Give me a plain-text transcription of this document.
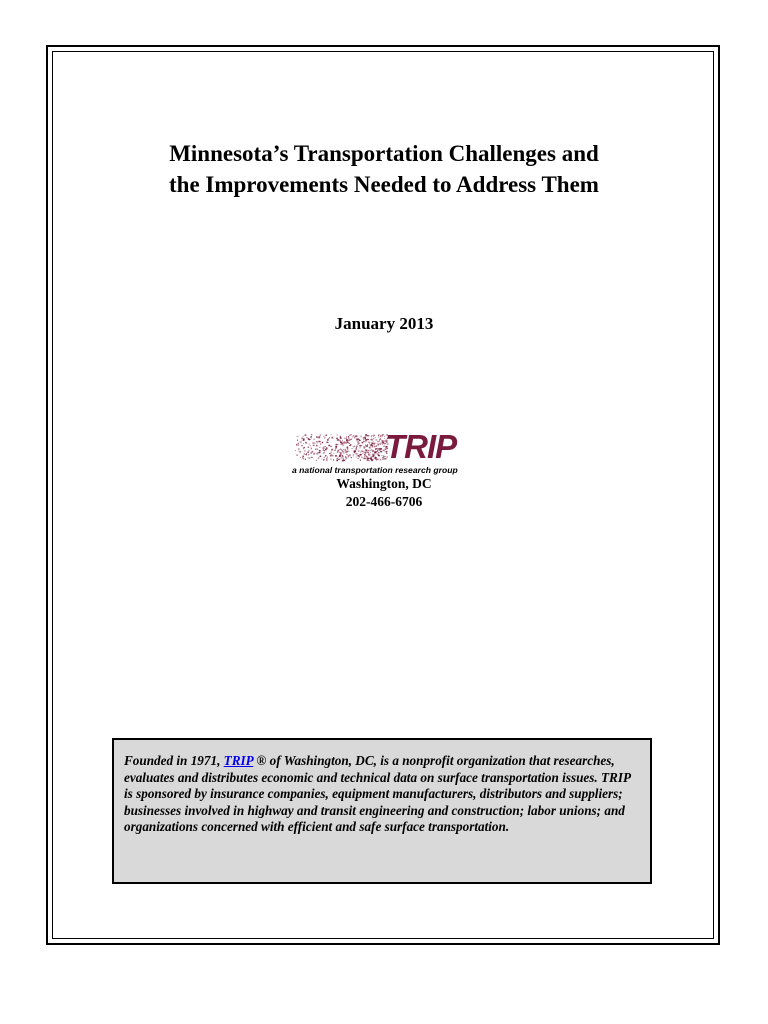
Minnesota’s Transportation Challenges and
the Improvements Needed to Address Them
January 2013
TRIP
a national transportation research group
Washington, DC
202-466-6706

Founded in 1971, TRIP ® of Washington, DC, is a nonprofit organization that researches, evaluates and distributes economic and technical data on surface transportation issues. TRIP is sponsored by insurance companies, equipment manufacturers, distributors and suppliers; businesses involved in highway and transit engineering and construction; labor unions; and organizations concerned with efficient and safe surface transportation.
